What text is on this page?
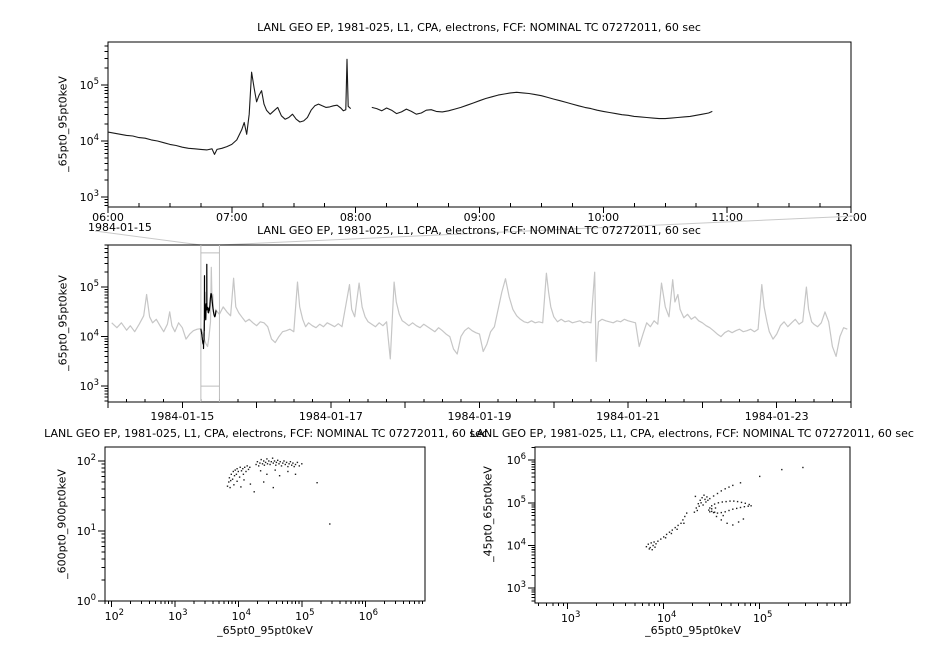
$10^3$
$10^4$
$10^5$
06:00	07:00	08:00	09:00	10:00	11:00	12:00
$10^3$
$10^4$
$10^5$
1984-01-15	1984-01-17	1984-01-19	1984-01-21	1984-01-23
$10^0$
$10^1$
$10^2$
$10^2$	$10^3$	$10^4$	$10^5$	$10^6$
$10^3$
$10^4$
$10^5$
$10^6$
$10^3$	$10^4$	$10^5$
LANL GEO EP, 1981-025, L1, CPA, electrons, FCF: NOMINAL TC 07272011, 60 sec
LANL GEO EP, 1981-025, L1, CPA, electrons, FCF: NOMINAL TC 07272011, 60 sec
LANL GEO EP, 1981-025, L1, CPA, electrons, FCF: NOMINAL TC 07272011, 60 sec
LANL GEO EP, 1981-025, L1, CPA, electrons, FCF: NOMINAL TC 07272011, 60 sec
1984-01-15
_65pt0_95pt0keV
_65pt0_95pt0keV
_600pt0_900pt0keV	_45pt0_65pt0keV
_65pt0_95pt0keV	_65pt0_95pt0keV
